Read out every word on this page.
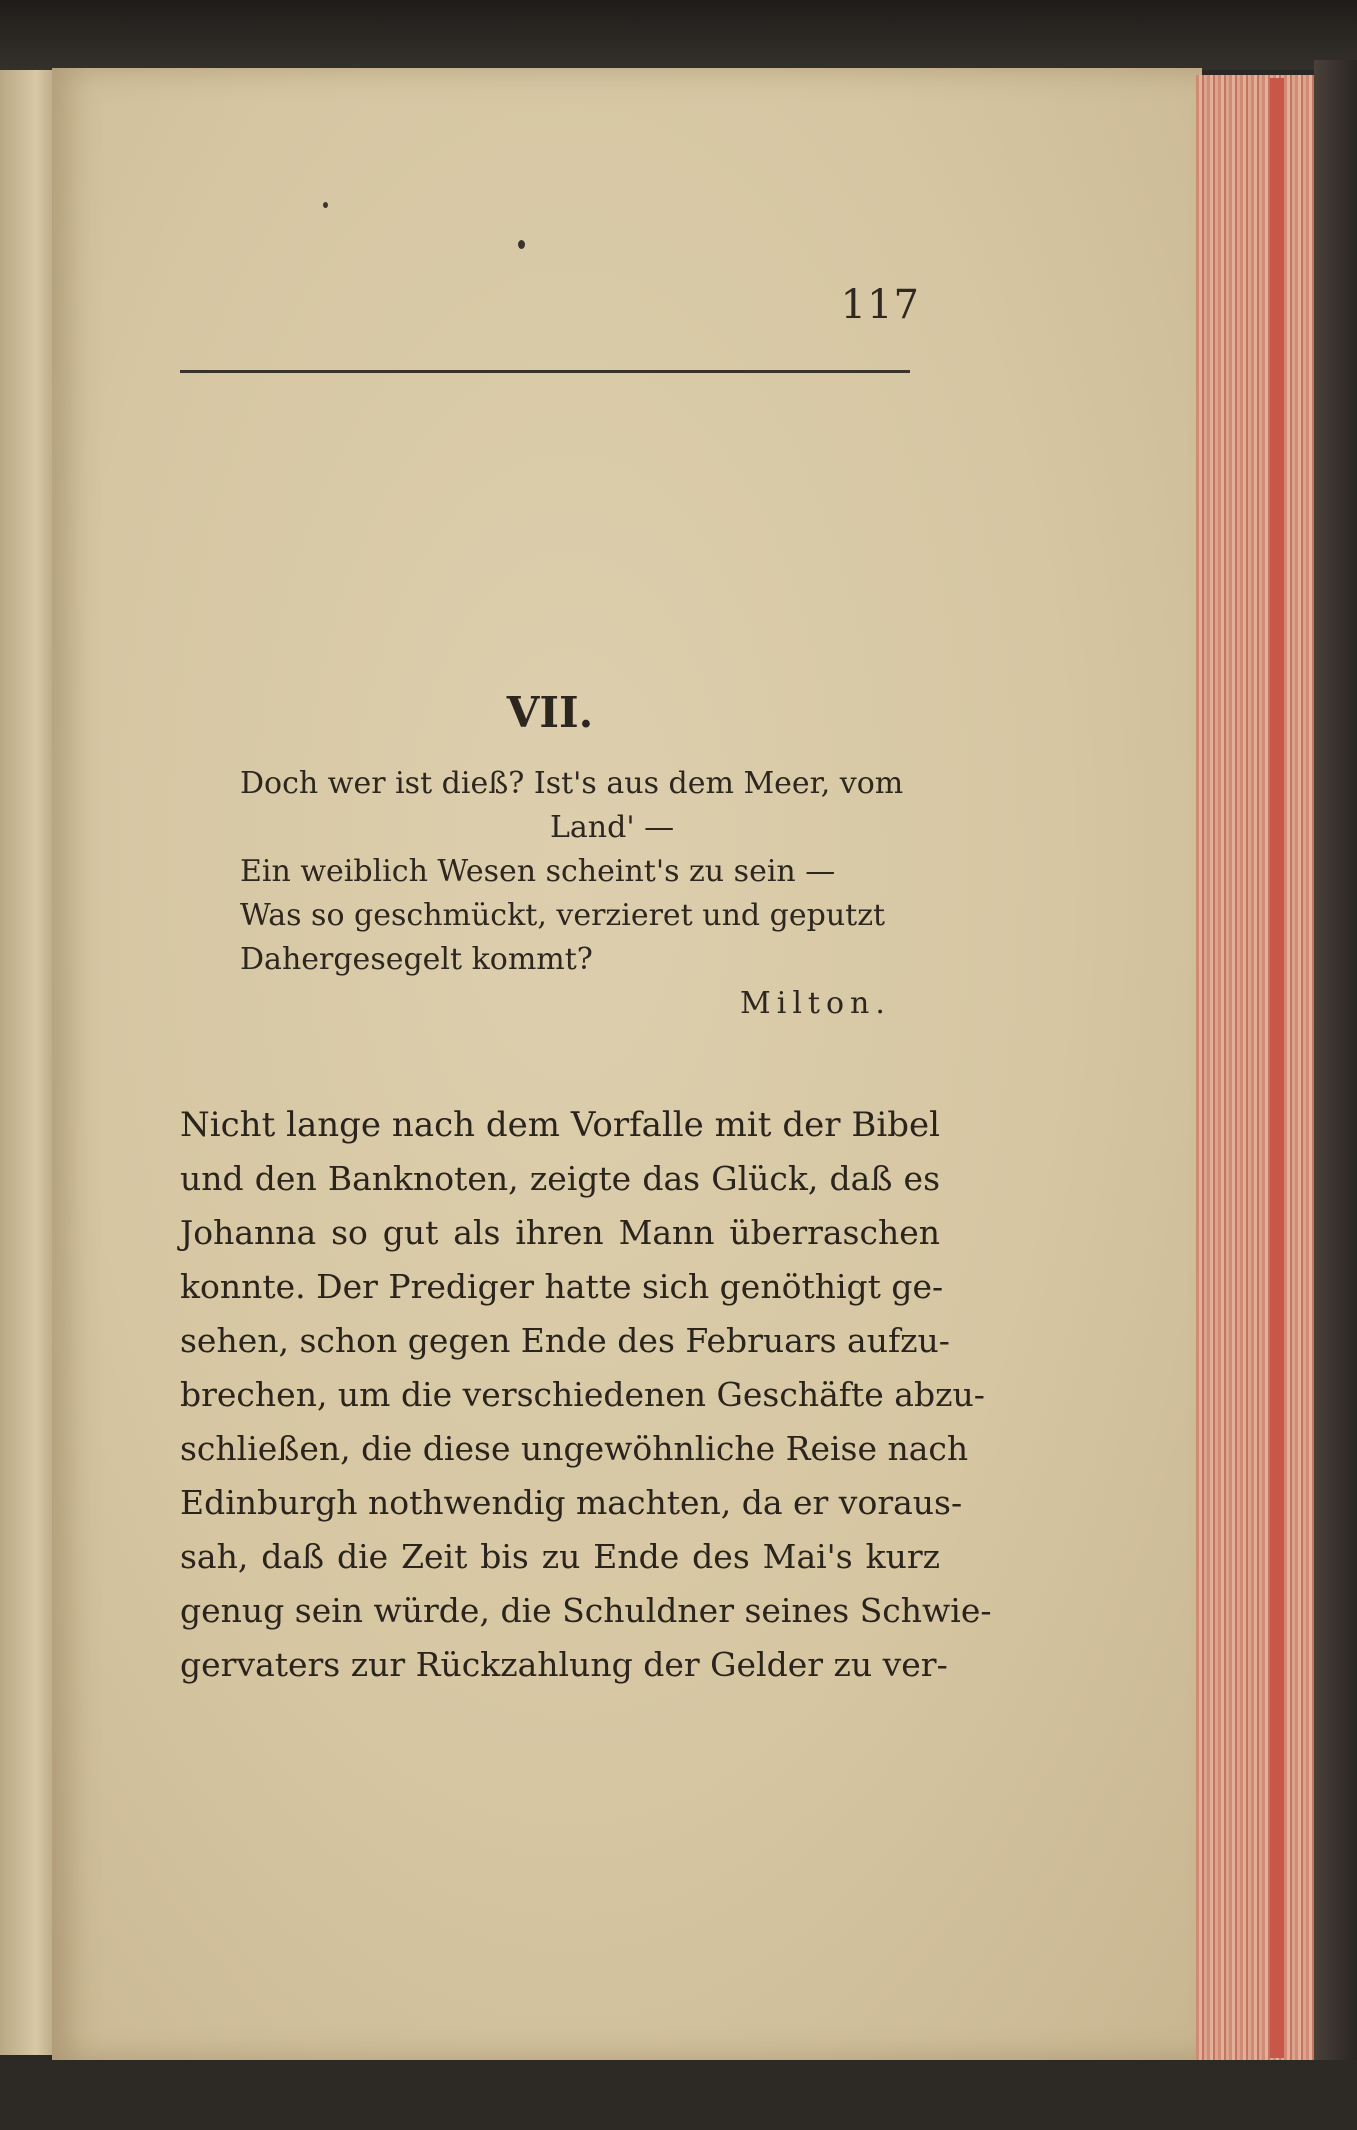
117
VII.
Doch wer ist dieß? Ist's aus dem Meer, vom
Land' —
Ein weiblich Wesen scheint's zu sein —
Was so geschmückt, verzieret und geputzt
Dahergesegelt kommt?
Milton.
Nicht lange nach dem Vorfalle mit der Bibel
und den Banknoten, zeigte das Glück, daß es
Johanna so gut als ihren Mann überraschen
konnte. Der Prediger hatte sich genöthigt ge-
sehen, schon gegen Ende des Februars aufzu-
brechen, um die verschiedenen Geschäfte abzu-
schließen, die diese ungewöhnliche Reise nach
Edinburgh nothwendig machten, da er voraus-
sah, daß die Zeit bis zu Ende des Mai's kurz
genug sein würde, die Schuldner seines Schwie-
gervaters zur Rückzahlung der Gelder zu ver-
